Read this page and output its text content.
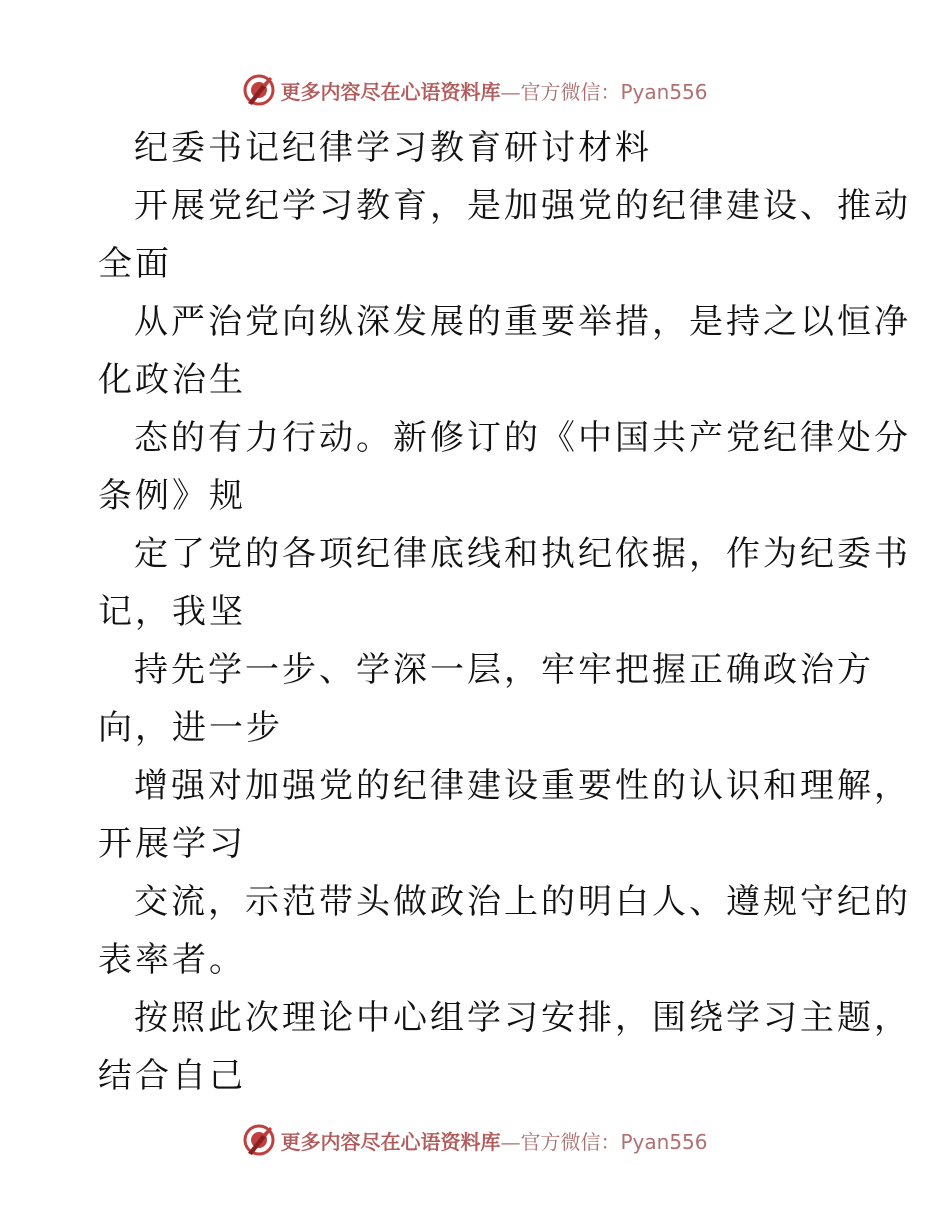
更多内容尽在心语资料库—官方微信：Pyan556
纪委书记纪律学习教育研讨材料
开展党纪学习教育，是加强党的纪律建设、推动
全面
从严治党向纵深发展的重要举措，是持之以恒净
化政治生
态的有力行动。新修订的《中国共产党纪律处分
条例》规
定了党的各项纪律底线和执纪依据，作为纪委书
记，我坚
持先学一步、学深一层，牢牢把握正确政治方
向，进一步
增强对加强党的纪律建设重要性的认识和理解，
开展学习
交流，示范带头做政治上的明白人、遵规守纪的
表率者。
按照此次理论中心组学习安排，围绕学习主题，
结合自己
更多内容尽在心语资料库—官方微信：Pyan556
